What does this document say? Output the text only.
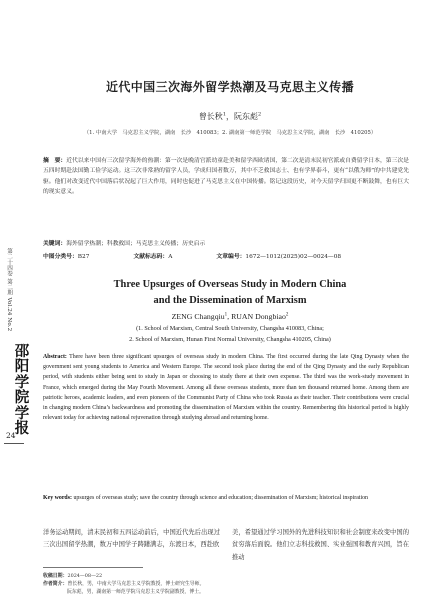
第二十四卷 第二期 Vol.24 No.2
邵阳学院学报
24
近代中国三次海外留学热潮及马克思主义传播
曾长秋$^1$，阮东彪$^2$
（1. 中南大学　马克思主义学院，湖南　长沙　410083；2. 湖南第一师范学院　马克思主义学院，湖南　长沙　410205）
摘　要：近代以来中国有三次留学海外的热潮：第一次是晚清官派幼童赴美和留学西欧诸国，第二次是清末民初官派或自费留学日本，第三次是五四时期赴法国勤工俭学运动。这三次非常熟的留学人员，学成归国者数万，其中不乏救国志士、也有学界泰斗，更有“以俄为师”的中共建党先驱。他们对改变近代中国落后状况起了巨大作用，同时也促进了马克思主义在中国传播。铭记这段历史，对今天留学归国更不断鼓舞，也有巨大的现实意义。
关键词：海外留学热潮；科教救国；马克思主义传播；历史启示
中图分类号：B27	文献标志码：A	文章编号：1672—1012(2025)02—0024—08
Three Upsurges of Overseas Study in Modern China
and the Dissemination of Marxism
ZENG Changqiu$^1$, RUAN Dongbiao$^2$
(1. School of Marxism, Central South University, Changsha 410083, China;
2. School of Marxism, Hunan First Normal University, Changsha 410205, China)
Abstract: There have been three significant upsurges of overseas study in modern China. The first occurred during the late Qing Dynasty when the government sent young students to America and Western Europe. The second took place during the end of the Qing Dynasty and the early Republican period, with students either being sent to study in Japan or choosing to study there at their own expense. The third was the work-study movement in France, which emerged during the May Fourth Movement. Among all these overseas students, more than ten thousand returned home. Among them are patriotic heroes, academic leaders, and even pioneers of the Communist Party of China who took Russia as their teacher. Their contributions were crucial in changing modern China’s backwardness and promoting the dissemination of Marxism within the country. Remembering this historical period is highly relevant today for achieving national rejuvenation through studying abroad and returning home.
Key words: upsurges of overseas study; save the country through science and education; dissemination of Marxism; historical inspiration
洋务运动期间，清末民初和五四运动前后，中国近代先后出现过三次出国留学热潮，数万中国学子踌躇满志，东渡日本，西赴欧
美，希望通过学习国外的先进科技知识和社会制度来改变中国的贫穷落后面貌。他们立志科技救国、实业强国和教育兴国，旨在推动
收稿日期：2024—08—22
作者简介：曾长秋，男，中南大学马克思主义学院教授，博士研究生导师。
阮东彪，男，湖南第一师范学院马克思主义学院副教授，博士。
